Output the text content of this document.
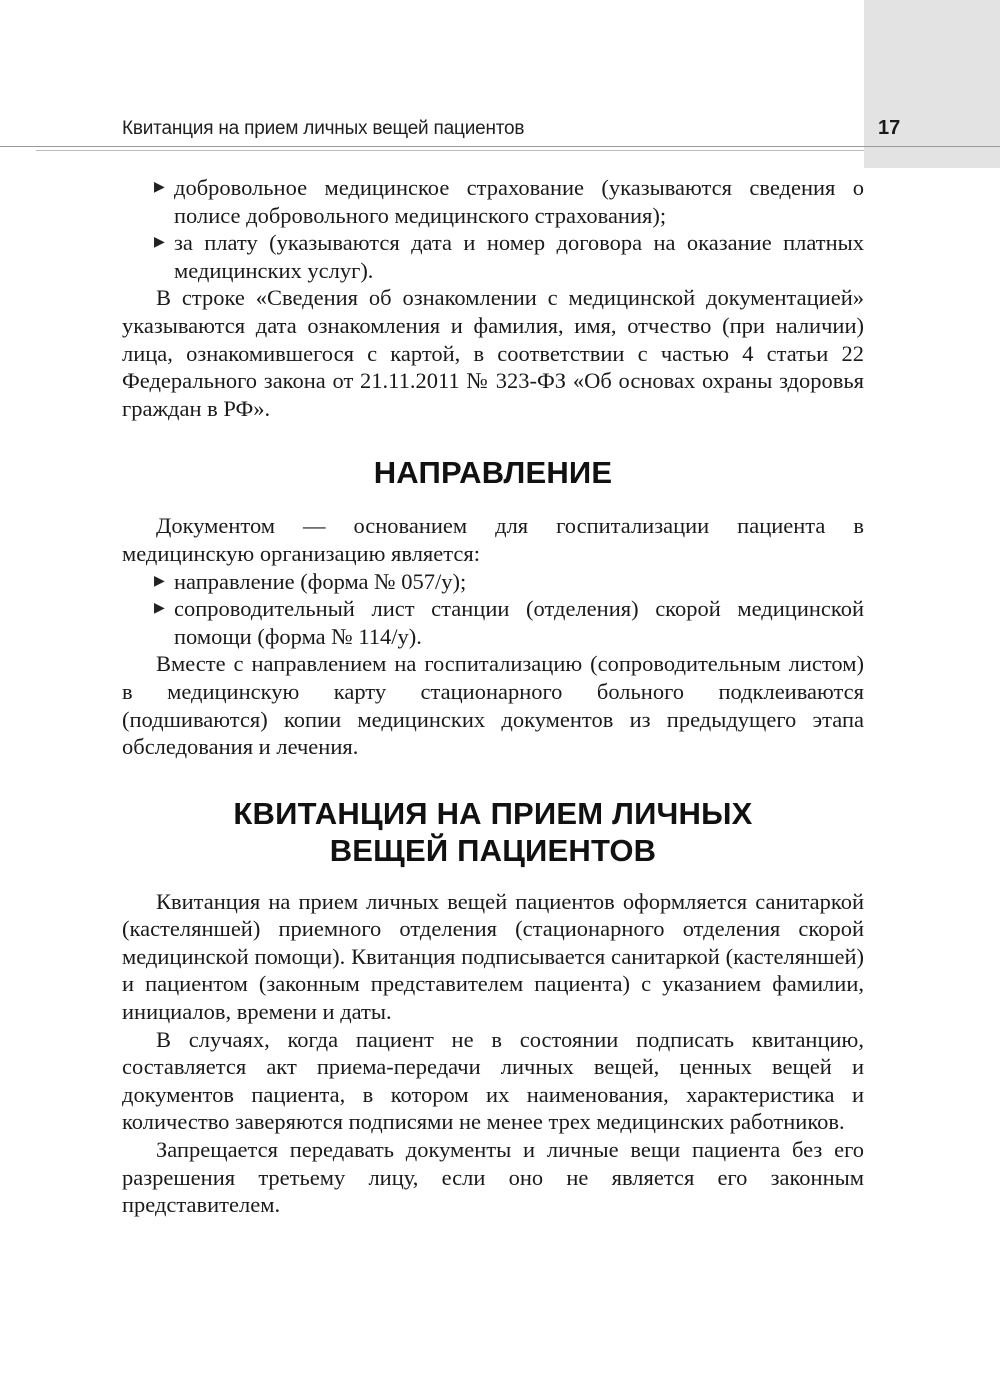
Квитанция на прием личных вещей пациентов	17
▶ добровольное медицинское страхование (указываются сведения о полисе добровольного медицинского страхования);
▶ за плату (указываются дата и номер договора на оказание платных медицинских услуг).

В строке «Сведения об ознакомлении с медицинской документацией» указываются дата ознакомления и фамилия, имя, отчество (при наличии) лица, ознакомившегося с картой, в соответствии с частью 4 статьи 22 Федерального закона от 21.11.2011 № 323-ФЗ «Об основах охраны здоровья граждан в РФ».

НАПРАВЛЕНИЕ

Документом — основанием для госпитализации пациента в медицинскую организацию является:

▶ направление (форма № 057/у);
▶ сопроводительный лист станции (отделения) скорой медицинской помощи (форма № 114/у).

Вместе с направлением на госпитализацию (сопроводительным листом) в медицинскую карту стационарного больного подклеиваются (подшиваются) копии медицинских документов из предыдущего этапа обследования и лечения.

КВИТАНЦИЯ НА ПРИЕМ ЛИЧНЫХ
ВЕЩЕЙ ПАЦИЕНТОВ

Квитанция на прием личных вещей пациентов оформляется санитаркой (кастеляншей) приемного отделения (стационарного отделения скорой медицинской помощи). Квитанция подписывается санитаркой (кастеляншей) и пациентом (законным представителем пациента) с указанием фамилии, инициалов, времени и даты.

В случаях, когда пациент не в состоянии подписать квитанцию, составляется акт приема-передачи личных вещей, ценных вещей и документов пациента, в котором их наименования, характеристика и количество заверяются подписями не менее трех медицинских работников.

Запрещается передавать документы и личные вещи пациента без его разрешения третьему лицу, если оно не является его законным представителем.
